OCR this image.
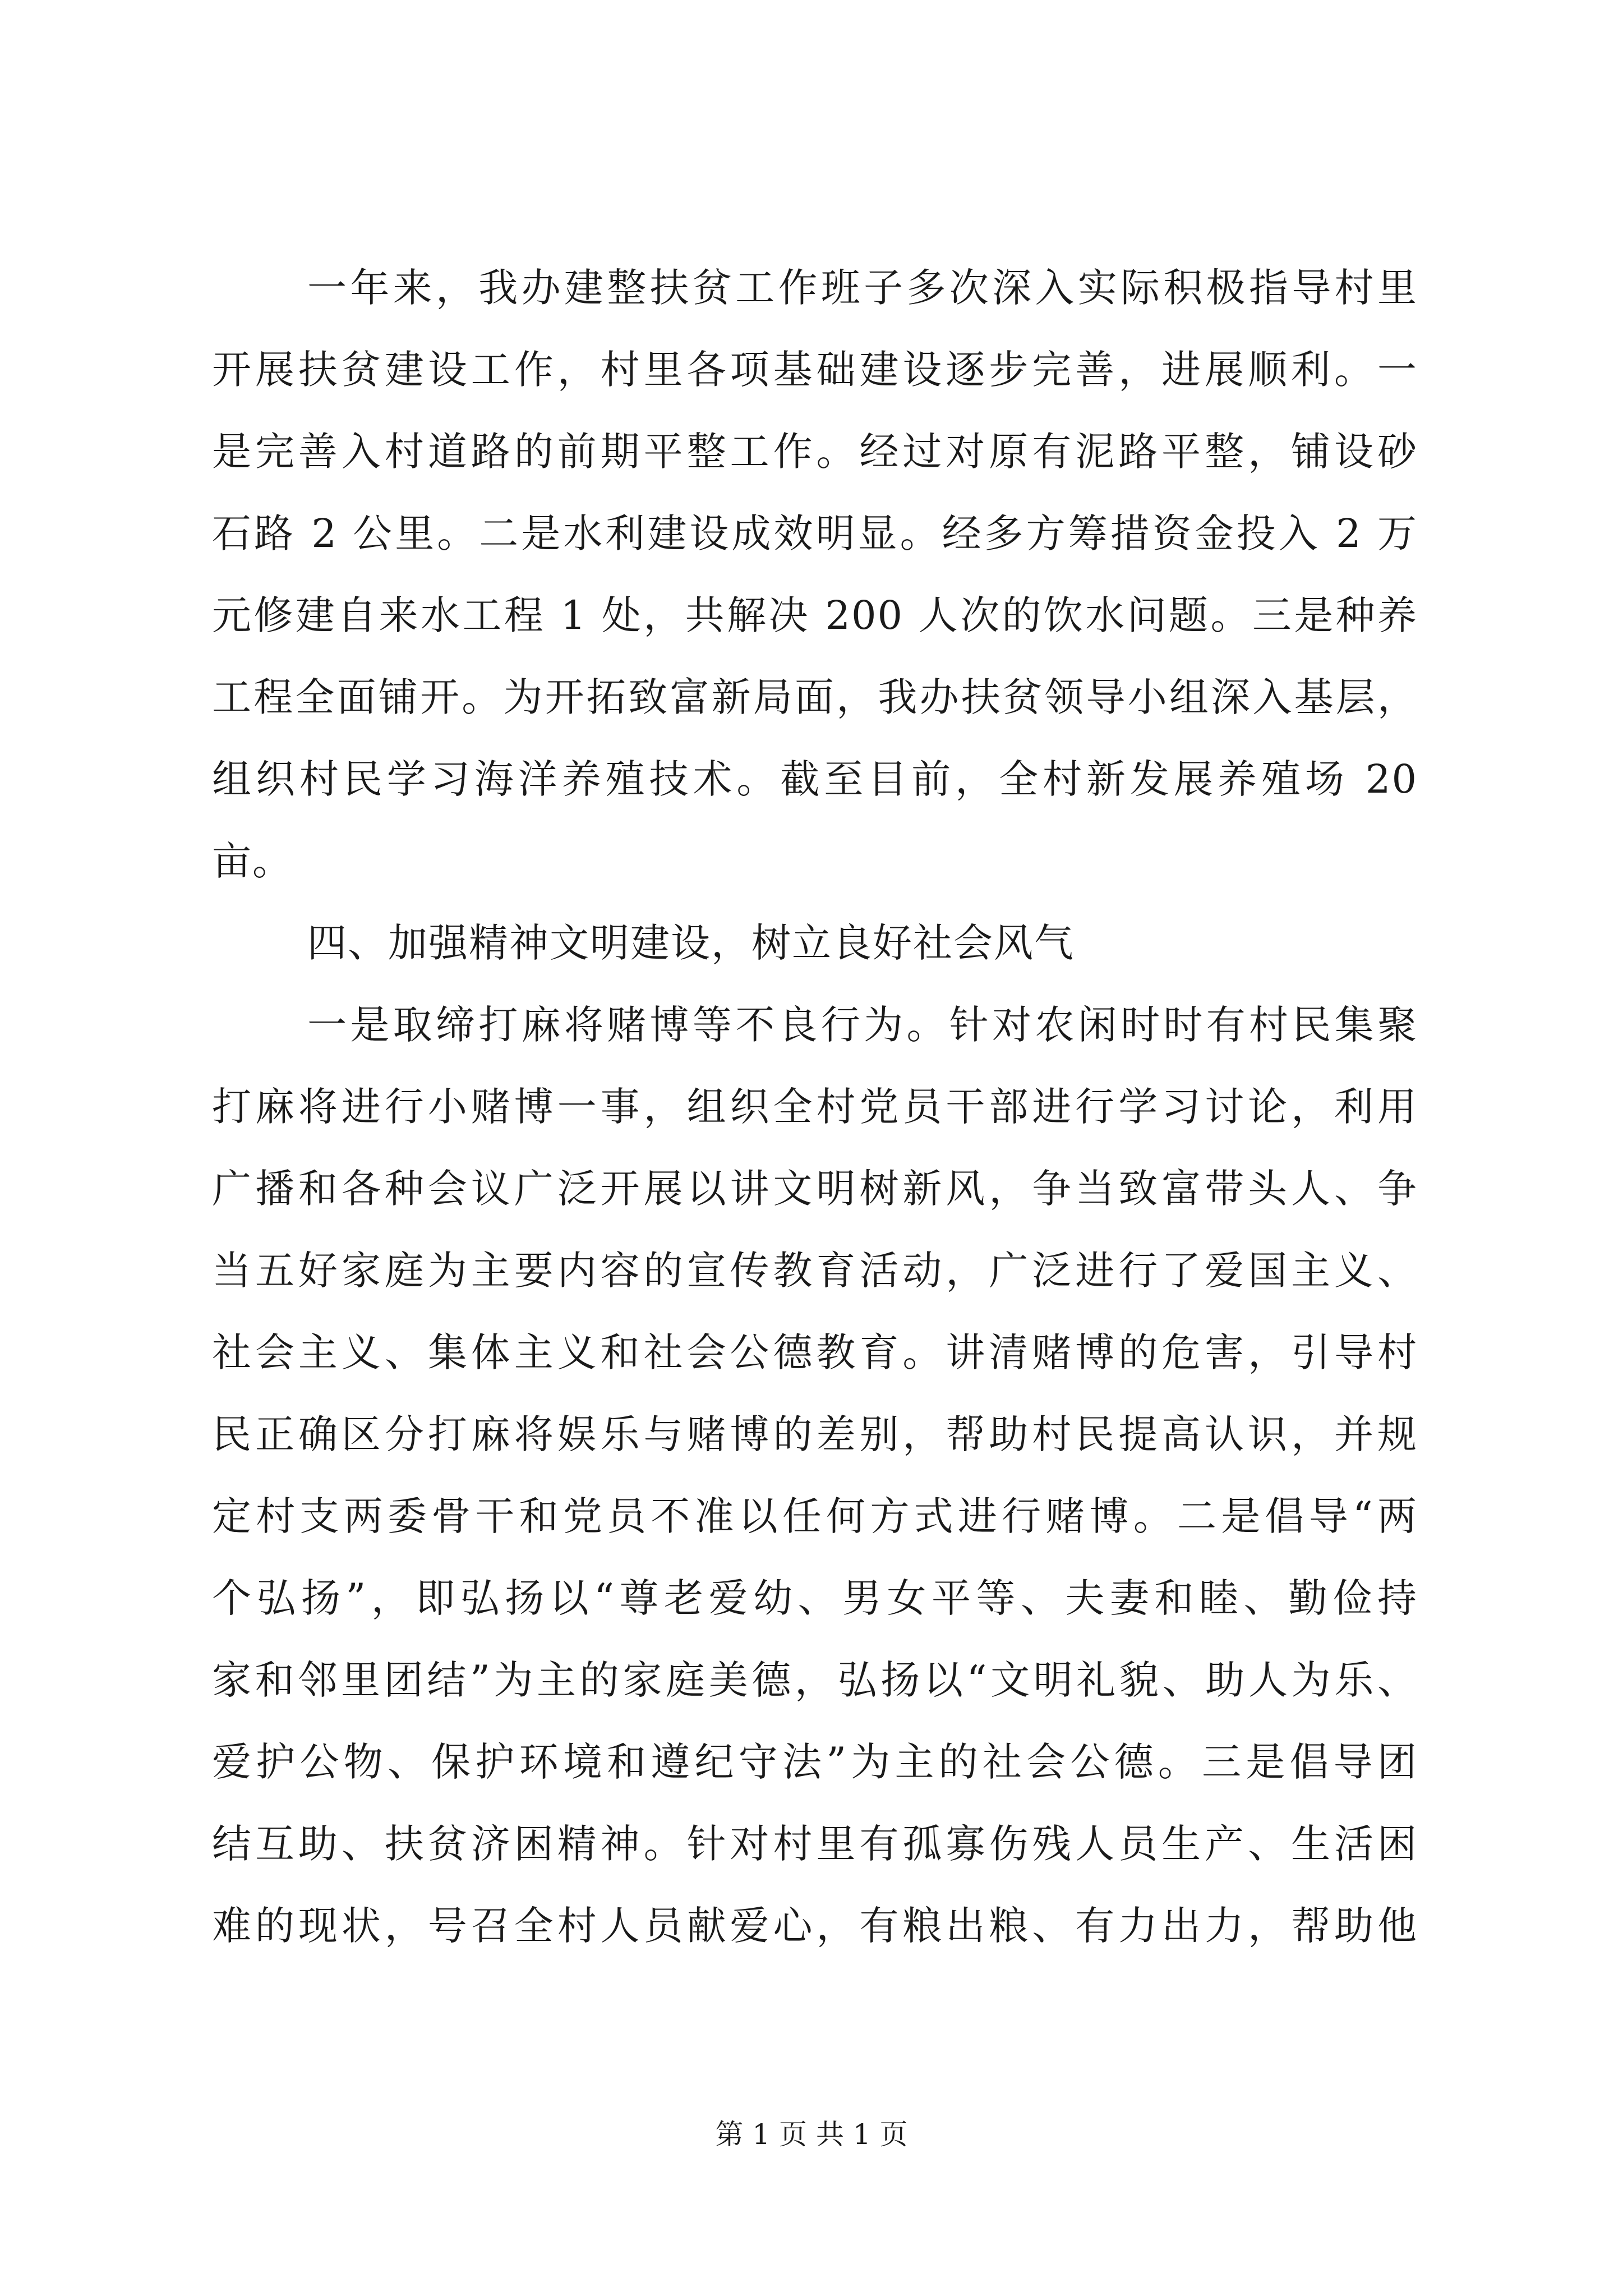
一年来，我办建整扶贫工作班子多次深入实际积极指导村里
开展扶贫建设工作，村里各项基础建设逐步完善，进展顺利。一
是完善入村道路的前期平整工作。经过对原有泥路平整，铺设砂
石路 2 公里。二是水利建设成效明显。经多方筹措资金投入 2 万
元修建自来水工程 1 处，共解决 200 人次的饮水问题。三是种养
工程全面铺开。为开拓致富新局面，我办扶贫领导小组深入基层，
组织村民学习海洋养殖技术。截至目前，全村新发展养殖场 20
亩。
四、加强精神文明建设，树立良好社会风气
一是取缔打麻将赌博等不良行为。针对农闲时时有村民集聚
打麻将进行小赌博一事，组织全村党员干部进行学习讨论，利用
广播和各种会议广泛开展以讲文明树新风，争当致富带头人、争
当五好家庭为主要内容的宣传教育活动，广泛进行了爱国主义、
社会主义、集体主义和社会公德教育。讲清赌博的危害，引导村
民正确区分打麻将娱乐与赌博的差别，帮助村民提高认识，并规
定村支两委骨干和党员不准以任何方式进行赌博。二是倡导“两
个弘扬”，即弘扬以“尊老爱幼、男女平等、夫妻和睦、勤俭持
家和邻里团结”为主的家庭美德，弘扬以“文明礼貌、助人为乐、
爱护公物、保护环境和遵纪守法”为主的社会公德。三是倡导团
结互助、扶贫济困精神。针对村里有孤寡伤残人员生产、生活困
难的现状，号召全村人员献爱心，有粮出粮、有力出力，帮助他
第 1 页 共 1 页
